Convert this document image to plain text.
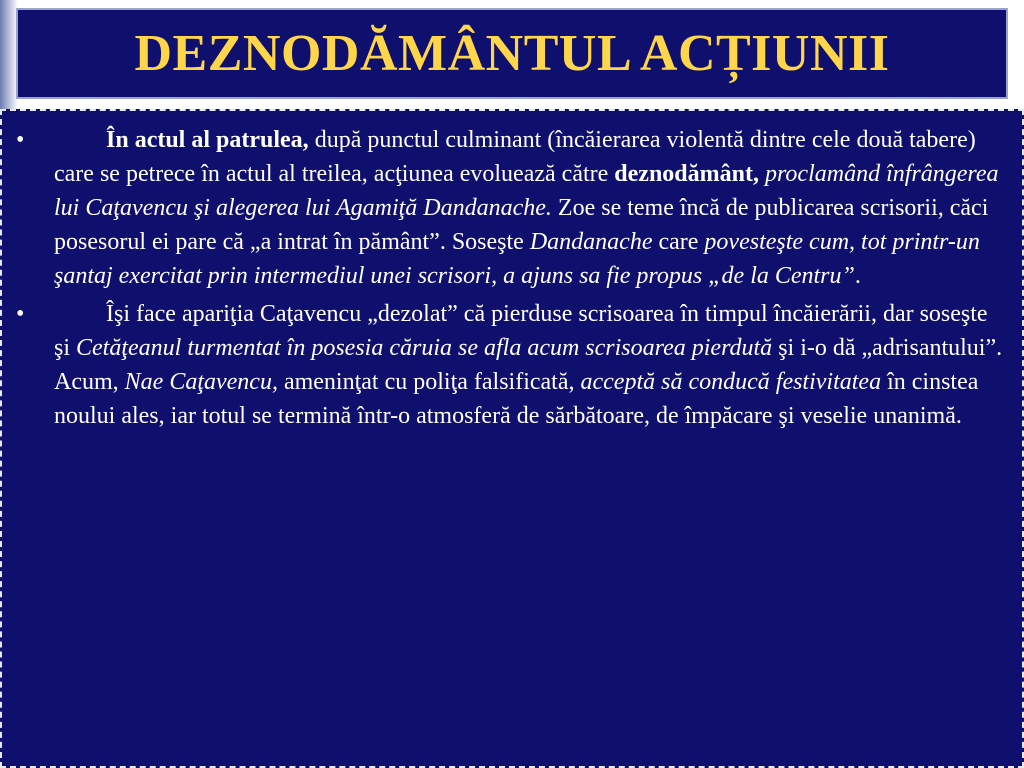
DEZNODĂMÂNTUL ACȚIUNII
•	În actul al patrulea, după punctul culminant (încăierarea violentă dintre cele două tabere) care se petrece în actul al treilea, acţiunea evoluează către deznodământ, proclamând înfrângerea lui Caţavencu şi alegerea lui Agamiţă Dandanache. Zoe se teme încă de publicarea scrisorii, căci posesorul ei pare că „a intrat în pământ”. Soseşte Dandanache care povesteşte cum, tot printr-un şantaj exercitat prin intermediul unei scrisori, a ajuns sa fie propus „de la Centru”.
•	Îşi face apariţia Caţavencu „dezolat” că pierduse scrisoarea în timpul încăierării, dar soseşte şi Cetăţeanul turmentat în posesia căruia se afla acum scrisoarea pierdută şi i-o dă „adrisantului”. Acum, Nae Caţavencu, ameninţat cu poliţa falsificată, acceptă să conducă festivitatea în cinstea noului ales, iar totul se termină într-o atmosferă de sărbătoare, de împăcare şi veselie unanimă.
